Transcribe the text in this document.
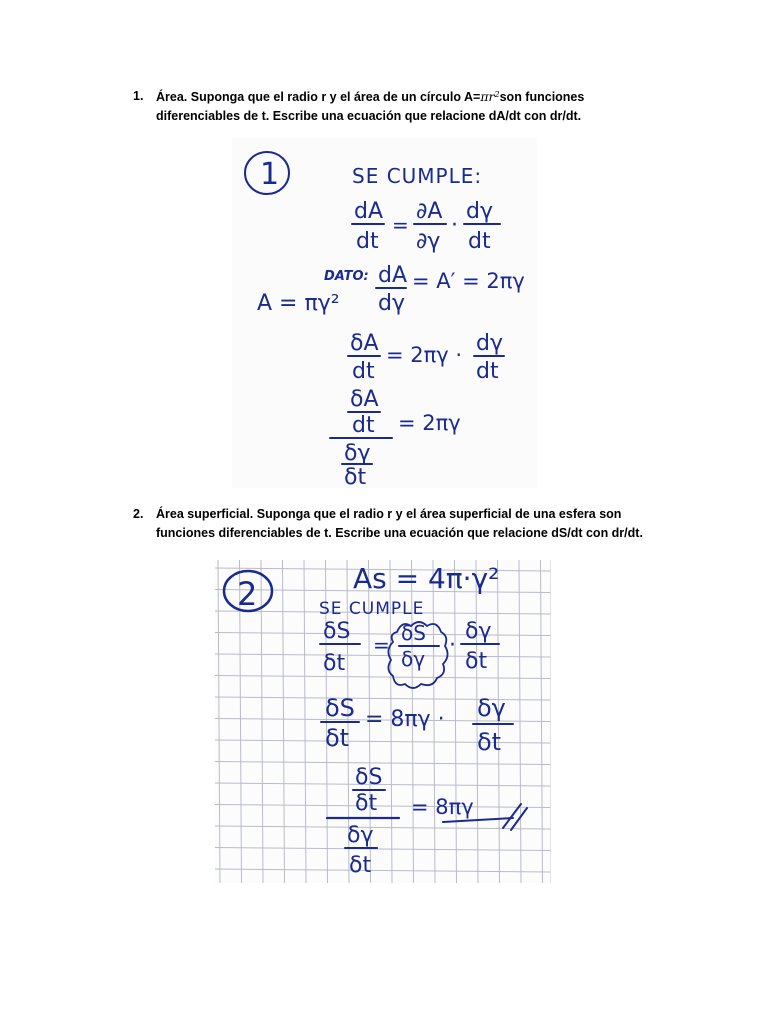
1. Área. Suponga que el radio r y el área de un círculo $A=\pi r^2son$ funciones diferenciables de t. Escribe una ecuación que relacione dA/dt con dr/dt.
1	SE CUMPLE:
dA
dt
=
∂A
∂γ
·
dγ
dt
DATO: dA
dγ
= A′ = 2πγ
A = πγ²
δA
dt
= 2πγ · dγ
dt
δA
dt
δγ
δt
= 2πγ
2. Área superficial. Suponga que el radio r y el área superficial de una esfera son funciones diferenciables de t. Escribe una ecuación que relacione dS/dt con dr/dt.
2	As = 4π·γ²
SE CUMPLE
δS
δt
= δS
δγ
·
δγ
δt
δS
δt
= 8πγ · δγ
δt
δS
δt
δγ
δt
= 8πγ
